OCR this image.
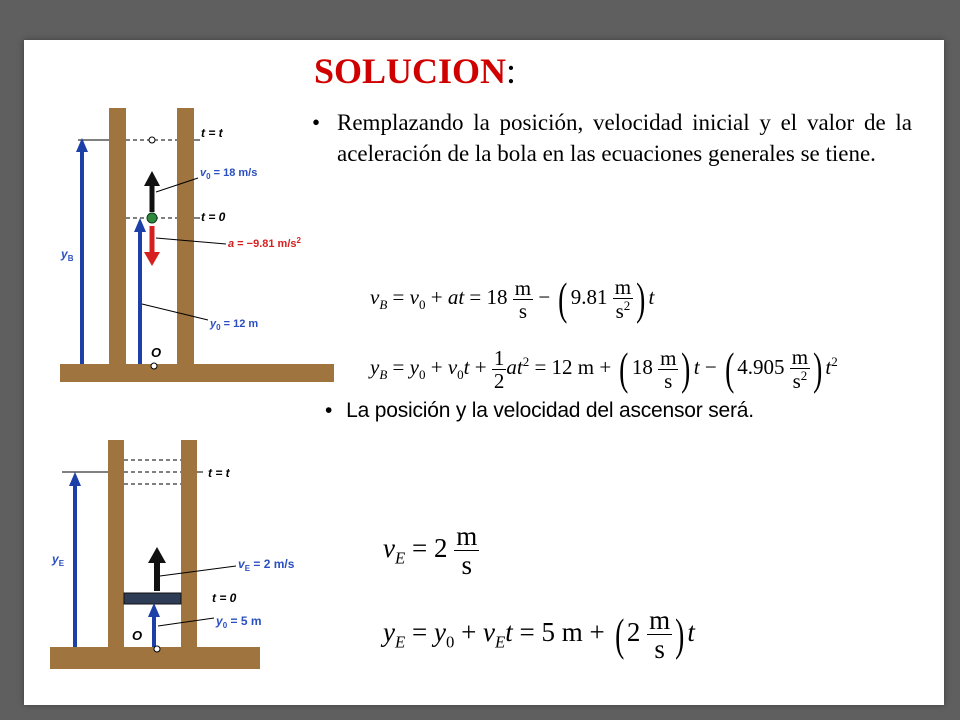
t = t
t = 0
$v_0 = 18$ m/s
a = −9.81 $m/s^2$
$y_0 = 12$ m
$y_B$
O
t = t
t = 0
$v_E = 2$ m/s
$y_0 = 5$ m
$y_E$
O
SOLUCION:
• Remplazando la posición, velocidad inicial y el valor de la aceleración de la bola en las ecuaciones generales se tiene.
$v_B = v_0$ + at = $18 \frac{m}{s}$ − ( $9.81 \frac{m}{s^2}$ ) t
$y_B = y_0 + v_0t + \frac{1}{2} at^2 = 12$ m + ( $18 \frac{m}{s}$ ) t − ( $4.905 \frac{m}{s^2}$ ) $t^2$
• La posición y la velocidad del ascensor será.
$v_E = 2 \frac{m}{s}$
$y_E = y_0 + v_Et = 5$ m + ( $2 \frac{m}{s}$ ) t
